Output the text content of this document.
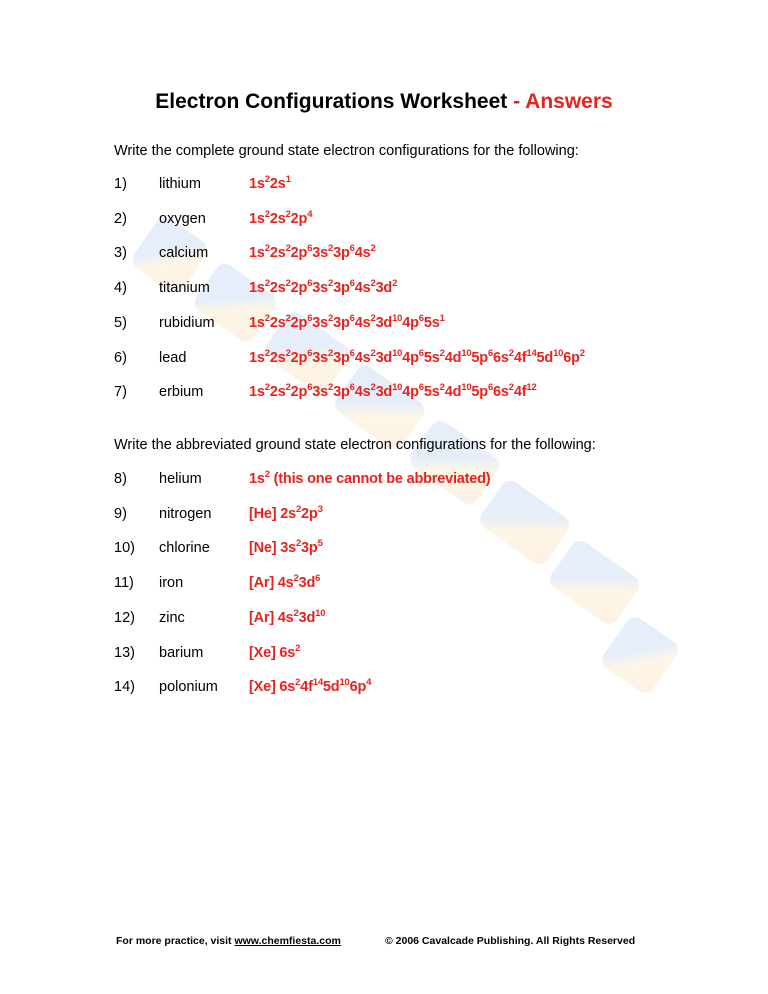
Electron Configurations Worksheet - Answers
Write the complete ground state electron configurations for the following:
1) lithium	$1s^22s^1$
2) oxygen	$1s^22s^22p^4$
3) calcium	$1s^22s^22p^63s^23p^64s^2$
4) titanium	$1s^22s^22p^63s^23p^64s^23d^2$
5) rubidium $1s^22s^22p^63s^23p^64s^23d^{10}4p^65s^1$
6) lead	$1s^22s^22p^63s^23p^64s^23d^{10}4p^65s^24d^{10}5p^66s^24f^{14}5d^{10}6p^2$
7) erbium	$1s^22s^22p^63s^23p^64s^23d^{10}4p^65s^24d^{10}5p^66s^24f^{12}$
Write the abbreviated ground state electron configurations for the following:
8) helium	$1s^2$ (this one cannot be abbreviated)
9) nitrogen	[He] $2s^22p^3$
10) chlorine	[Ne] $3s^23p^5$
11) iron	[Ar] $4s^23d^6$
12) zinc	[Ar] $4s^23d^{10}$
13) barium	[Xe] $6s^2$
14) polonium [Xe] $6s^24f^{14}5d^{10}6p^4$
For more practice, visit www.chemfiesta.com	© 2006 Cavalcade Publishing. All Rights Reserved
